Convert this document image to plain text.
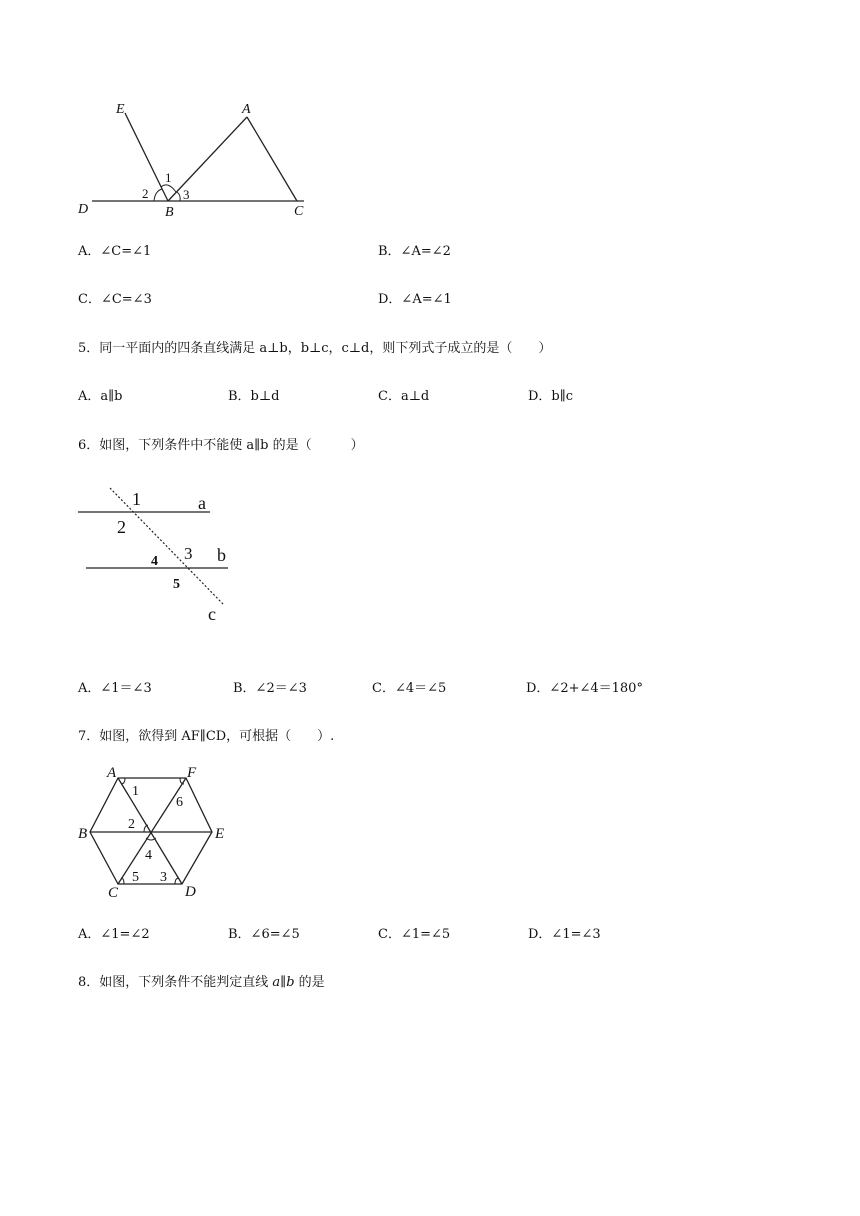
E	A
D	B	C
1
2	3
A．∠C=∠1	B．∠A=∠2
C．∠C=∠3	D．∠A=∠1
5．同一平面内的四条直线满足 a⊥b，b⊥c，c⊥d，则下列式子成立的是（　　）
A．a∥b	B．b⊥d	C．a⊥d	D．b∥c
6．如图，下列条件中不能使 a∥b 的是（　　　）
1	a
2
3 b
4
5
c
A．∠1＝∠3	B．∠2＝∠3	C．∠4＝∠5	D．∠2+∠4＝180°
7．如图，欲得到 AF∥CD，可根据（　　）.
A	F
B	E
C	D
1
6
2
4
5 3
A．∠1=∠2	B．∠6=∠5	C．∠1=∠5	D．∠1=∠3
8．如图，下列条件不能判定直线 a∥b 的是
